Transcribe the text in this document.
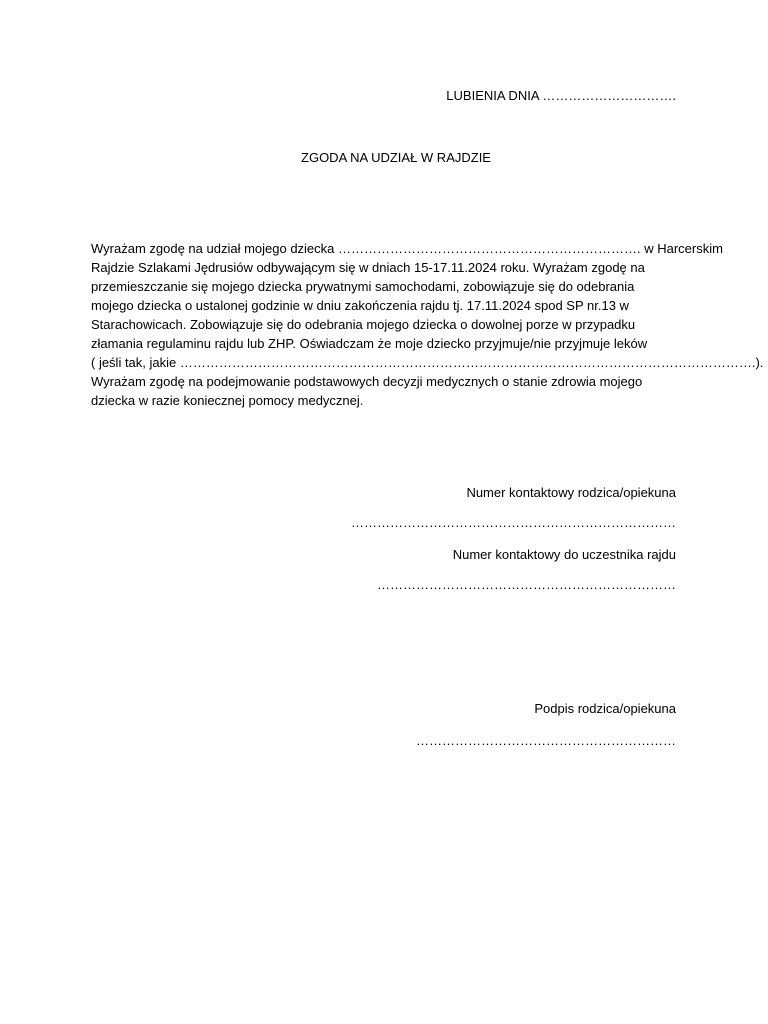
LUBIENIA DNIA ………………………….
ZGODA NA UDZIAŁ W RAJDZIE
Wyrażam zgodę na udział mojego dziecka ……………………………………………………………. w Harcerskim
Rajdzie Szlakami Jędrusiów odbywającym się w dniach 15-17.11.2024 roku. Wyrażam zgodę na
przemieszczanie się mojego dziecka prywatnymi samochodami, zobowiązuje się do odebrania
mojego dziecka o ustalonej godzinie w dniu zakończenia rajdu tj. 17.11.2024 spod SP nr.13 w
Starachowicach. Zobowiązuje się do odebrania mojego dziecka o dowolnej porze w przypadku
złamania regulaminu rajdu lub ZHP. Oświadczam że moje dziecko przyjmuje/nie przyjmuje leków
( jeśli tak, jakie …………………………………………………………………………………………………………………….).
Wyrażam zgodę na podejmowanie podstawowych decyzji medycznych o stanie zdrowia mojego
dziecka w razie koniecznej pomocy medycznej.
Numer kontaktowy rodzica/opiekuna
…………………………………………………………………
Numer kontaktowy do uczestnika rajdu
……………………………………………………………
Podpis rodzica/opiekuna
……………………………………………………
